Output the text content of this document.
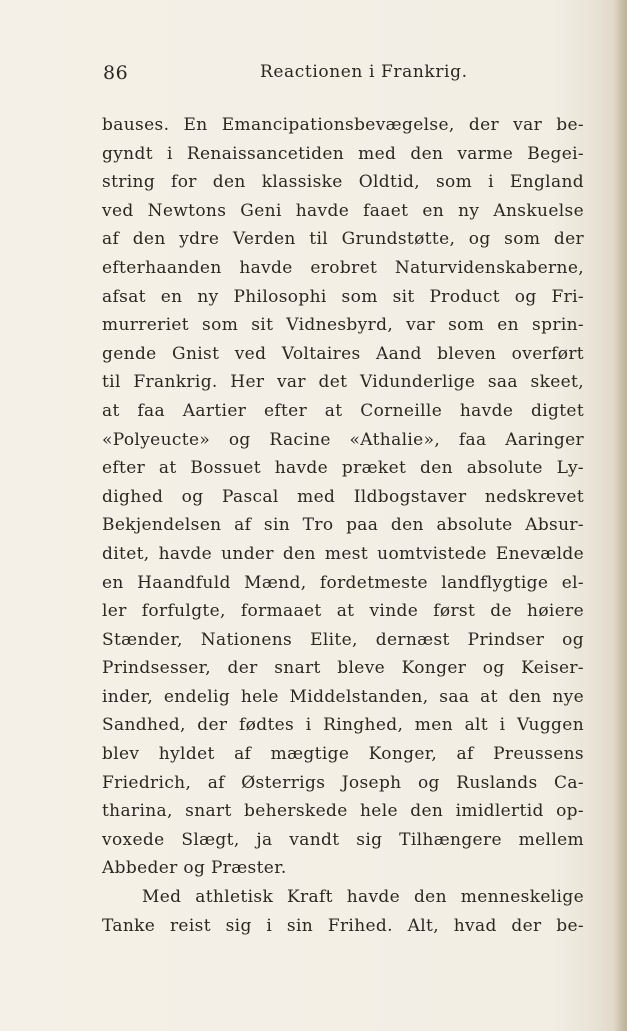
86	Reactionen i Frankrig.
bauses. En Emancipationsbevægelse, der var be-
gyndt i Renaissancetiden med den varme Begei-
string for den klassiske Oldtid, som i England
ved Newtons Geni havde faaet en ny Anskuelse
af den ydre Verden til Grundstøtte, og som der
efterhaanden havde erobret Naturvidenskaberne,
afsat en ny Philosophi som sit Product og Fri-
murreriet som sit Vidnesbyrd, var som en sprin-
gende Gnist ved Voltaires Aand bleven overført
til Frankrig. Her var det Vidunderlige saa skeet,
at faa Aartier efter at Corneille havde digtet
«Polyeucte» og Racine «Athalie», faa Aaringer
efter at Bossuet havde præket den absolute Ly-
dighed og Pascal med Ildbogstaver nedskrevet
Bekjendelsen af sin Tro paa den absolute Absur-
ditet, havde under den mest uomtvistede Enevælde
en Haandfuld Mænd, fordetmeste landflygtige el-
ler forfulgte, formaaet at vinde først de høiere
Stænder, Nationens Elite, dernæst Prindser og
Prindsesser, der snart bleve Konger og Keiser-
inder, endelig hele Middelstanden, saa at den nye
Sandhed, der fødtes i Ringhed, men alt i Vuggen
blev hyldet af mægtige Konger, af Preussens
Friedrich, af Østerrigs Joseph og Ruslands Ca-
tharina, snart beherskede hele den imidlertid op-
voxede Slægt, ja vandt sig Tilhængere mellem
Abbeder og Præster.
Med athletisk Kraft havde den menneskelige
Tanke reist sig i sin Frihed. Alt, hvad der be-
